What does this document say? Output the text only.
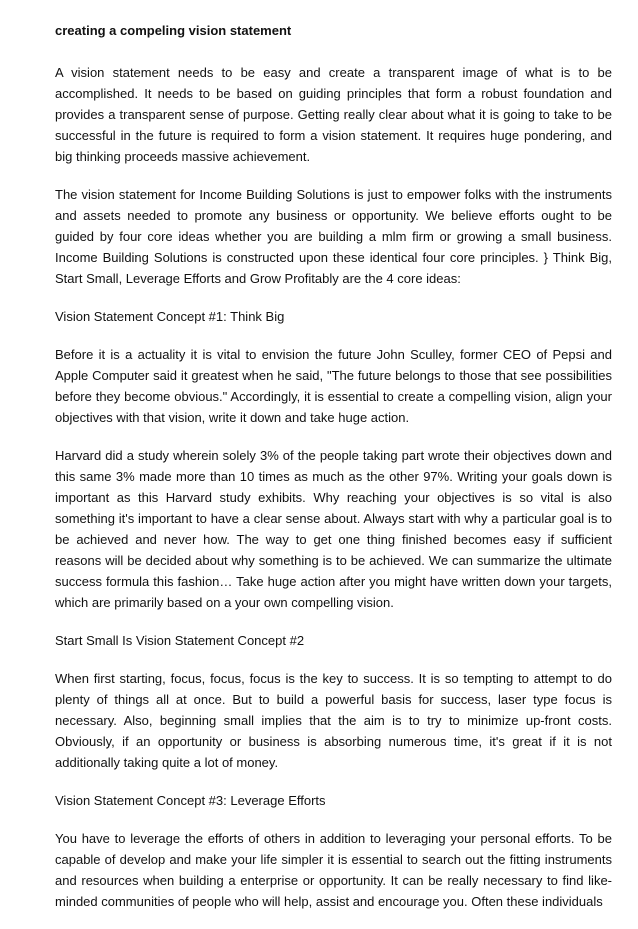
creating a compeling vision statement

A vision statement needs to be easy and create a transparent image of what is to be accomplished. It needs to be based on guiding principles that form a robust foundation and provides a transparent sense of purpose. Getting really clear about what it is going to take to be successful in the future is required to form a vision statement. It requires huge pondering, and big thinking proceeds massive achievement.

The vision statement for Income Building Solutions is just to empower folks with the instruments and assets needed to promote any business or opportunity. We believe efforts ought to be guided by four core ideas whether you are building a mlm firm or growing a small business. Income Building Solutions is constructed upon these identical four core principles. } Think Big, Start Small, Leverage Efforts and Grow Profitably are the 4 core ideas:

Vision Statement Concept #1: Think Big

Before it is a actuality it is vital to envision the future John Sculley, former CEO of Pepsi and Apple Computer said it greatest when he said, "The future belongs to those that see possibilities before they become obvious." Accordingly, it is essential to create a compelling vision, align your objectives with that vision, write it down and take huge action.

Harvard did a study wherein solely 3% of the people taking part wrote their objectives down and this same 3% made more than 10 times as much as the other 97%. Writing your goals down is important as this Harvard study exhibits. Why reaching your objectives is so vital is also something it's important to have a clear sense about. Always start with why a particular goal is to be achieved and never how. The way to get one thing finished becomes easy if sufficient reasons will be decided about why something is to be achieved. We can summarize the ultimate success formula this fashion… Take huge action after you might have written down your targets, which are primarily based on a your own compelling vision.

Start Small Is Vision Statement Concept #2

When first starting, focus, focus, focus is the key to success. It is so tempting to attempt to do plenty of things all at once. But to build a powerful basis for success, laser type focus is necessary. Also, beginning small implies that the aim is to try to minimize up-front costs. Obviously, if an opportunity or business is absorbing numerous time, it's great if it is not additionally taking quite a lot of money.

Vision Statement Concept #3: Leverage Efforts

You have to leverage the efforts of others in addition to leveraging your personal efforts. To be capable of develop and make your life simpler it is essential to search out the fitting instruments and resources when building a enterprise or opportunity. It can be really necessary to find like-minded communities of people who will help, assist and encourage you. Often these individuals
